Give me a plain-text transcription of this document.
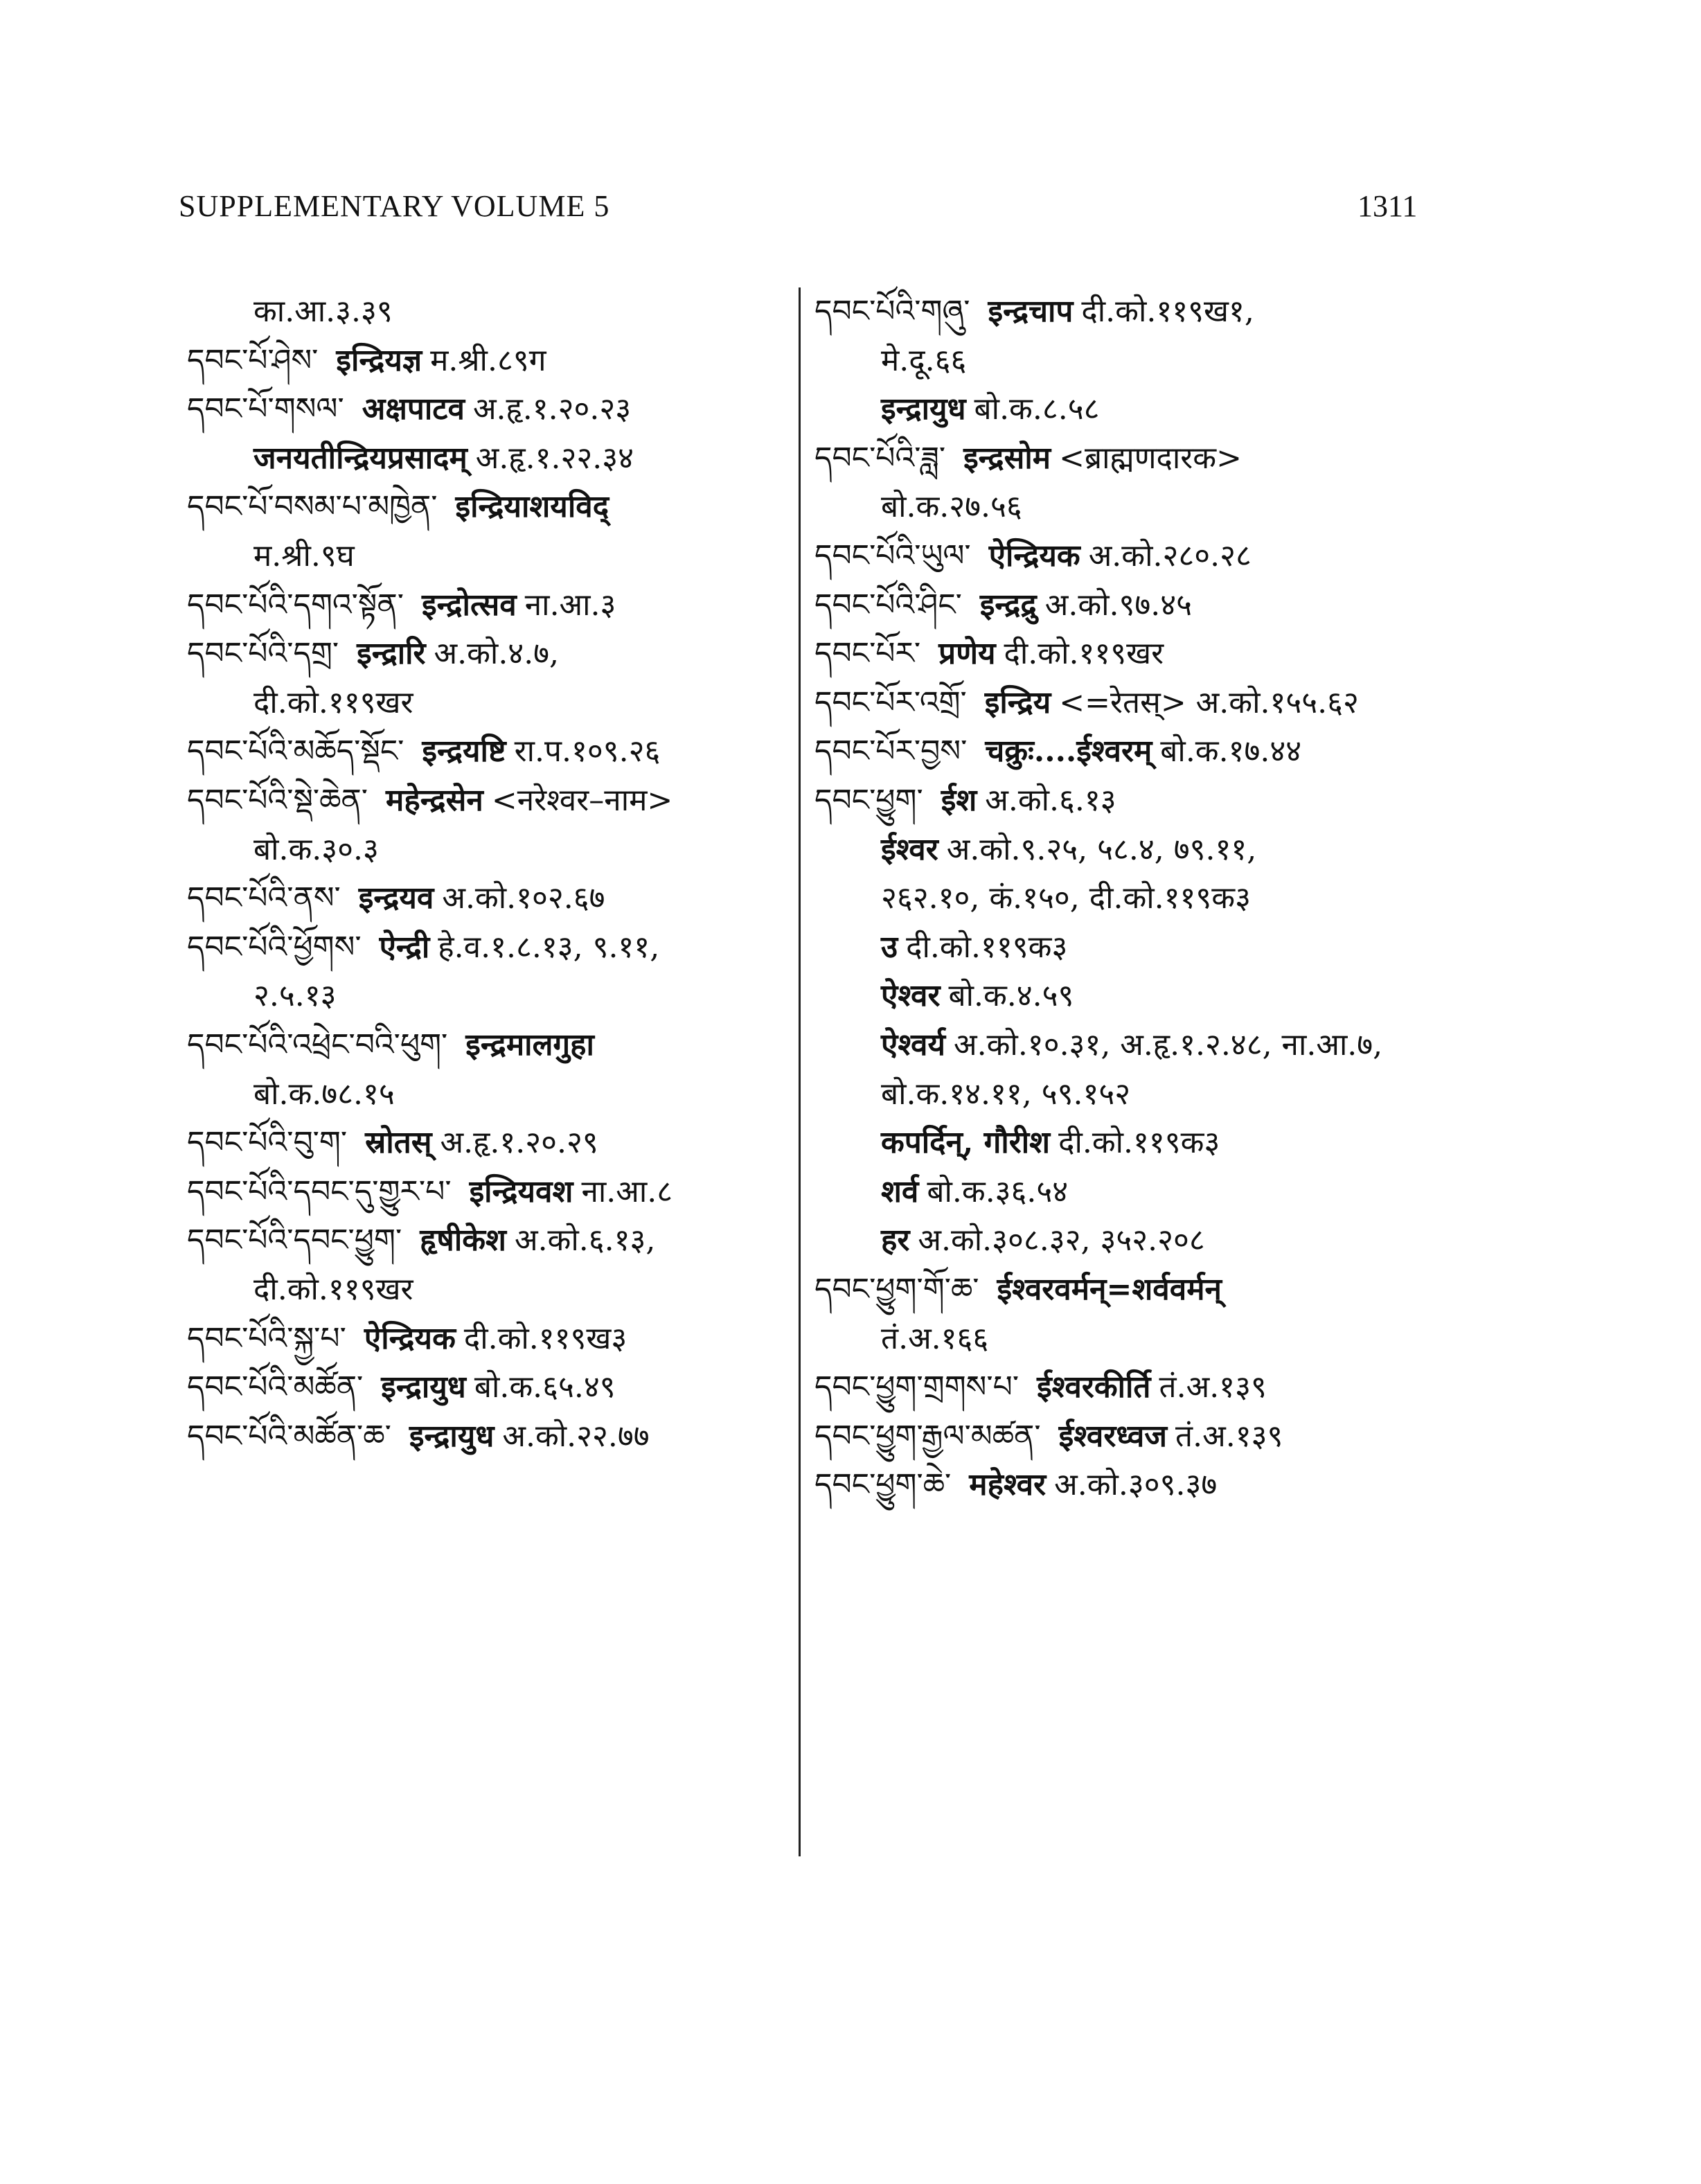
SUPPLEMENTARY VOLUME 5	1311
का.आ.३.३९
དབང་པོ་ཤེས་ इन्द्रियज्ञ म.श्री.८९ग
དབང་པོ་གསལ་ अक्षपाटव अ.हृ.१.२०.२३
जनयतीन्द्रियप्रसादम् अ.हृ.१.२२.३४
དབང་པོ་བསམ་པ་མཁྱེན་ इन्द्रियाशयविद्
म.श्री.९घ
དབང་པོའི་དགའ་སྟོན་ इन्द्रोत्सव ना.आ.३
དབང་པོའི་དགྲ་ इन्द्रारि अ.को.४.७,
दी.को.११९खर
དབང་པོའི་མཆོད་སྡོང་ इन्द्रयष्टि रा.प.१०९.२६
དབང་པོའི་སྡེ་ཆེན་ महेन्द्रसेन <नरेश्वर–नाम>
बो.क.३०.३
དབང་པོའི་ནས་ इन्द्रयव अ.को.१०२.६७
དབང་པོའི་ཕྱོགས་ ऐन्द्री हे.व.१.८.१३, ९.११,
२.५.१३
དབང་པོའི་འཕྲེང་བའི་ཕུག་ इन्द्रमालगुहा
बो.क.७८.१५
དབང་པོའི་བུ་ག་ स्रोतस् अ.हृ.१.२०.२९
དབང་པོའི་དབང་དུ་གྱུར་པ་ इन्द्रियवश ना.आ.८
དབང་པོའི་དབང་ཕྱུག་ हृषीकेश अ.को.६.१३,
दी.को.११९खर
དབང་པོའི་སྐྱ་པ་ ऐन्द्रियक दी.को.११९ख३
དབང་པོའི་མཚོན་ इन्द्रायुध बो.क.६५.४९
དབང་པོའི་མཚོན་ཆ་ इन्द्रायुध अ.को.२२.७७
དབང་པོའི་གཞུ་ इन्द्रचाप दी.को.११९ख१,
मे.दू.६६
इन्द्रायुध बो.क.८.५८
དབང་པོའི་ཟླ་ इन्द्रसोम <ब्राह्मणदारक>
बो.क.२७.५६
དབང་པོའི་ཡུལ་ ऐन्द्रियक अ.को.२८०.२८
དབང་པོའི་ཤིང་ इन्द्रद्रु अ.को.९७.४५
དབང་པོར་ प्रणेय दी.को.११९खर
དབང་པོར་འགྲོ་ इन्द्रिय <=रेतस्> अ.को.१५५.६२
དབང་པོར་བྱས་ चक्रुः....ईश्वरम् बो.क.१७.४४
དབང་ཕྱུག་ ईश अ.को.६.१३
ईश्वर अ.को.९.२५, ५८.४, ७९.११,
२६२.१०, कं.१५०, दी.को.११९क३
उ दी.को.११९क३
ऐश्वर बो.क.४.५९
ऐश्वर्य अ.को.१०.३१, अ.हृ.१.२.४८, ना.आ.७,
बो.क.१४.११, ५९.१५२
कपर्दिन्, गौरीश दी.को.११९क३
शर्व बो.क.३६.५४
हर अ.को.३०८.३२, ३५२.२०८
དབང་ཕྱུག་གོ་ཆ་ ईश्वरवर्मन्=शर्ववर्मन्
तं.अ.१६६
དབང་ཕྱུག་གྲགས་པ་ ईश्वरकीर्ति तं.अ.१३९
དབང་ཕྱུག་རྒྱལ་མཚན་ ईश्वरध्वज तं.अ.१३९
དབང་ཕྱུག་ཆེ་ महेश्वर अ.को.३०९.३७
